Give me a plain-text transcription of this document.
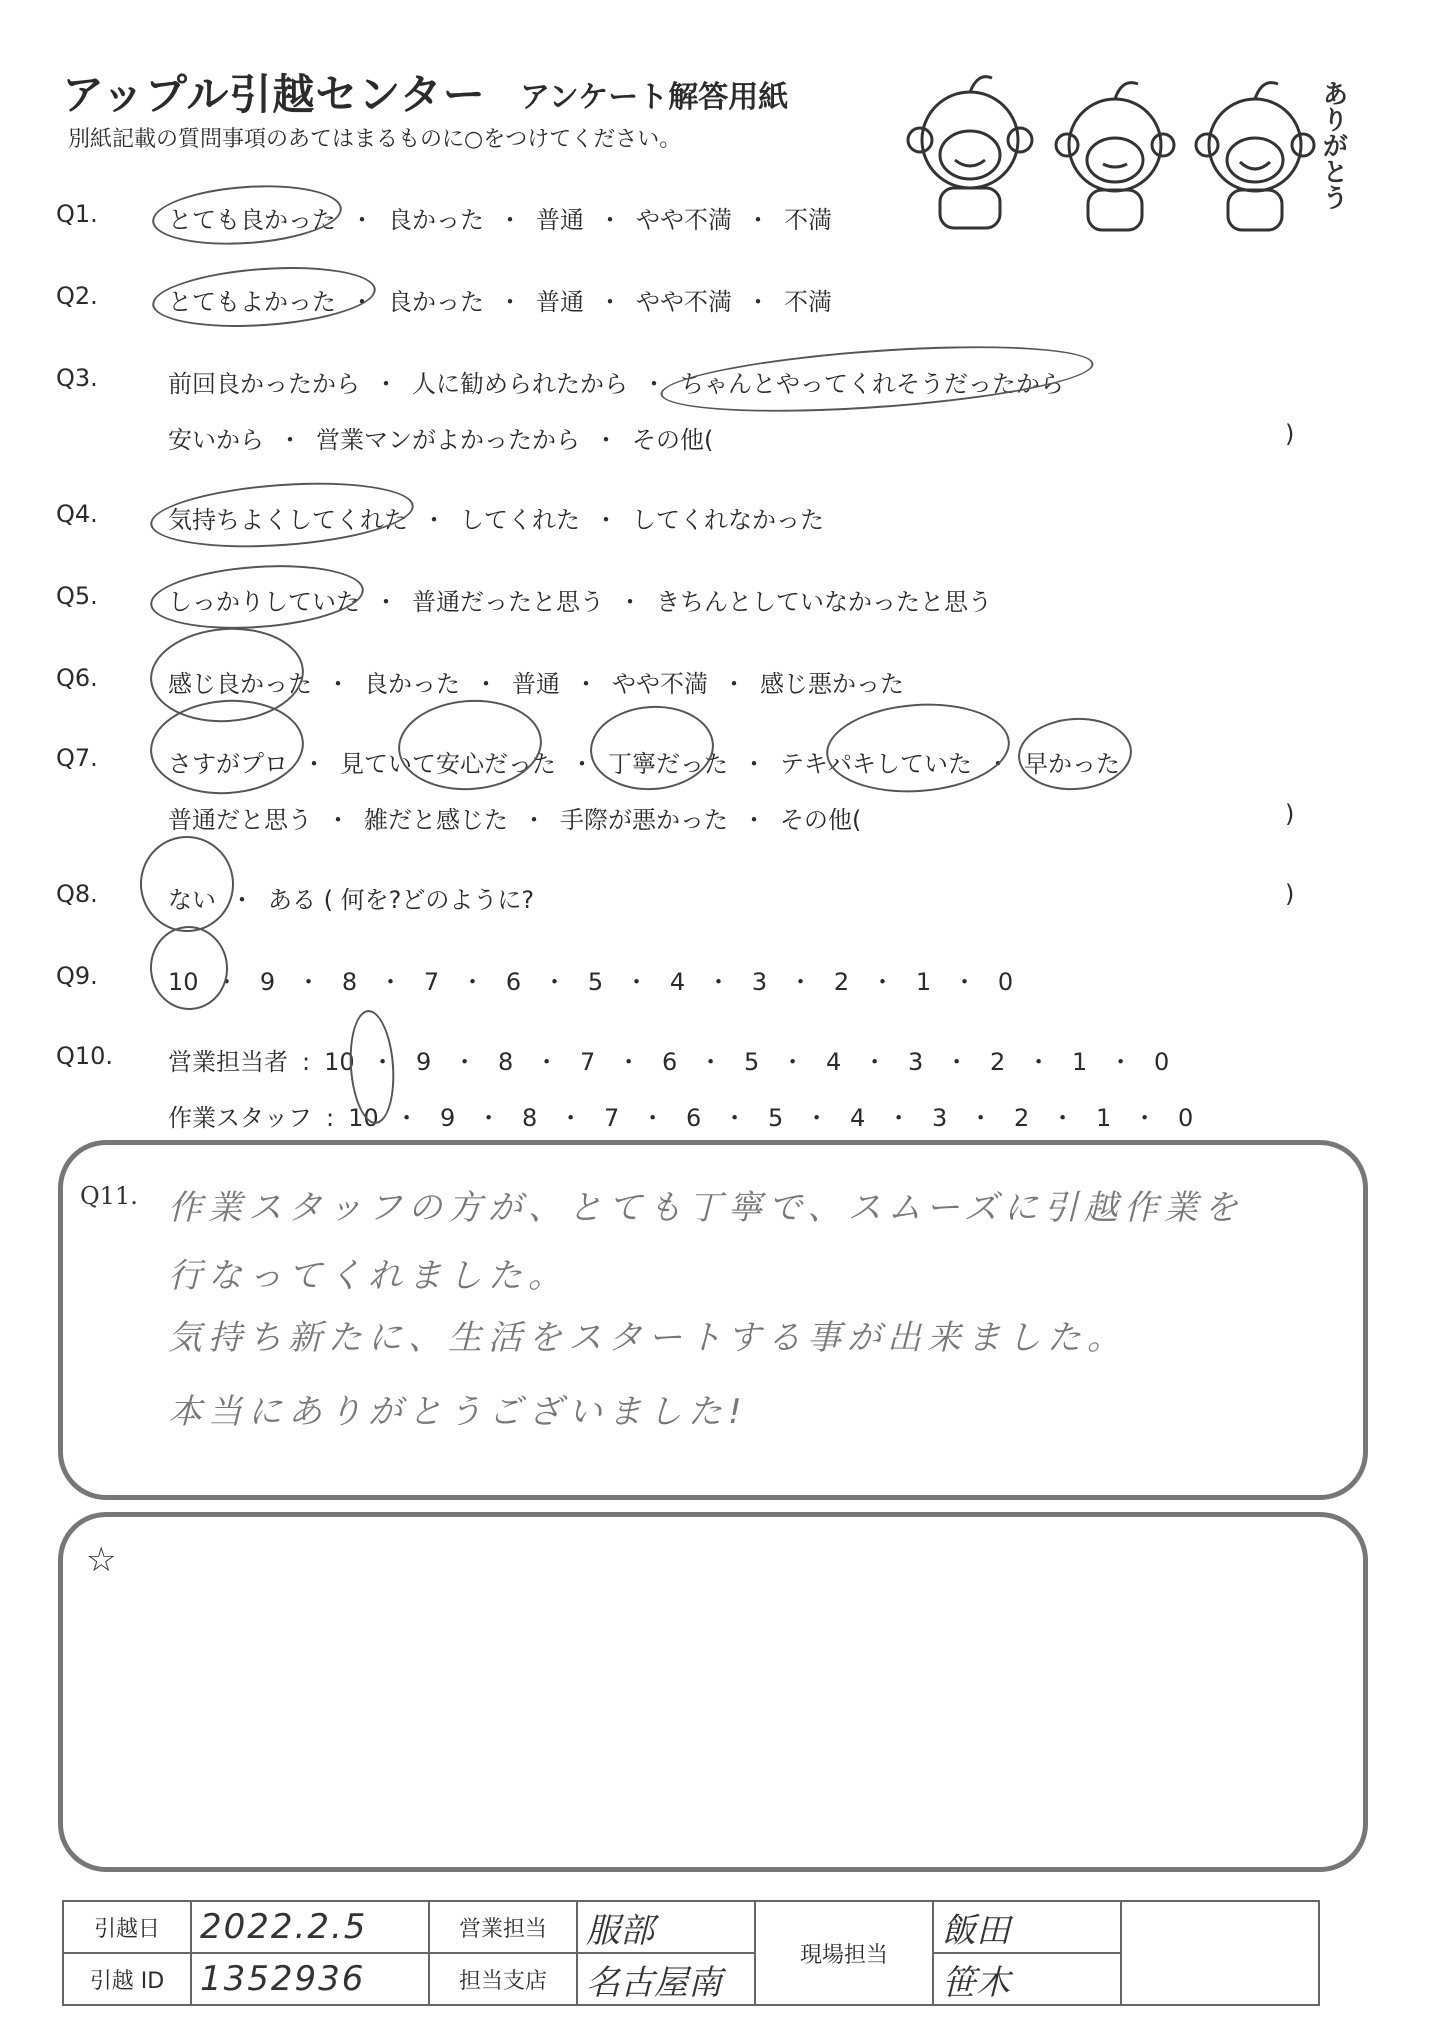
アップル引越センター アンケート解答用紙
別紙記載の質問事項のあてはまるものに○をつけてください。	ありがとう
Q1.	とても良かった ・ 良かった ・ 普通 ・ やや不満 ・ 不満
Q2.	とてもよかった ・ 良かった ・ 普通 ・ やや不満 ・ 不満
Q3.	前回良かったから ・ 人に勧められたから ・ ちゃんとやってくれそうだったから
安いから ・ 営業マンがよかったから ・ その他(	)
Q4.	気持ちよくしてくれた ・ してくれた ・ してくれなかった
Q5.	しっかりしていた ・ 普通だったと思う ・ きちんとしていなかったと思う
Q6.	感じ良かった ・ 良かった ・ 普通 ・ やや不満 ・ 感じ悪かった
Q7.	さすがプロ ・ 見ていて安心だった ・ 丁寧だった ・ テキパキしていた ・ 早かった
普通だと思う ・ 雑だと感じた ・ 手際が悪かった ・ その他(	)
Q8.	ない ・ ある ( 何を?どのように?	)
Q9.	10 ・ 9 ・ 8 ・ 7 ・ 6 ・ 5 ・ 4 ・ 3 ・ 2 ・ 1 ・ 0
Q10. 営業担当者 : 10 ・ 9 ・ 8 ・ 7 ・ 6 ・ 5 ・ 4 ・ 3 ・ 2 ・ 1 ・ 0
作業スタッフ : 10 ・ 9 ・ 8 ・ 7 ・ 6 ・ 5 ・ 4 ・ 3 ・ 2 ・ 1 ・ 0
Q11. 作業スタッフの方が、とても丁寧で、スムーズに引越作業を
行なってくれました。
気持ち新たに、生活をスタートする事が出来ました。
本当にありがとうございました!
☆
引越日	2022.2.5	営業担当	服部	現場担当	飯田	
引越 ID	1352936	担当支店	名古屋南		笹木	
